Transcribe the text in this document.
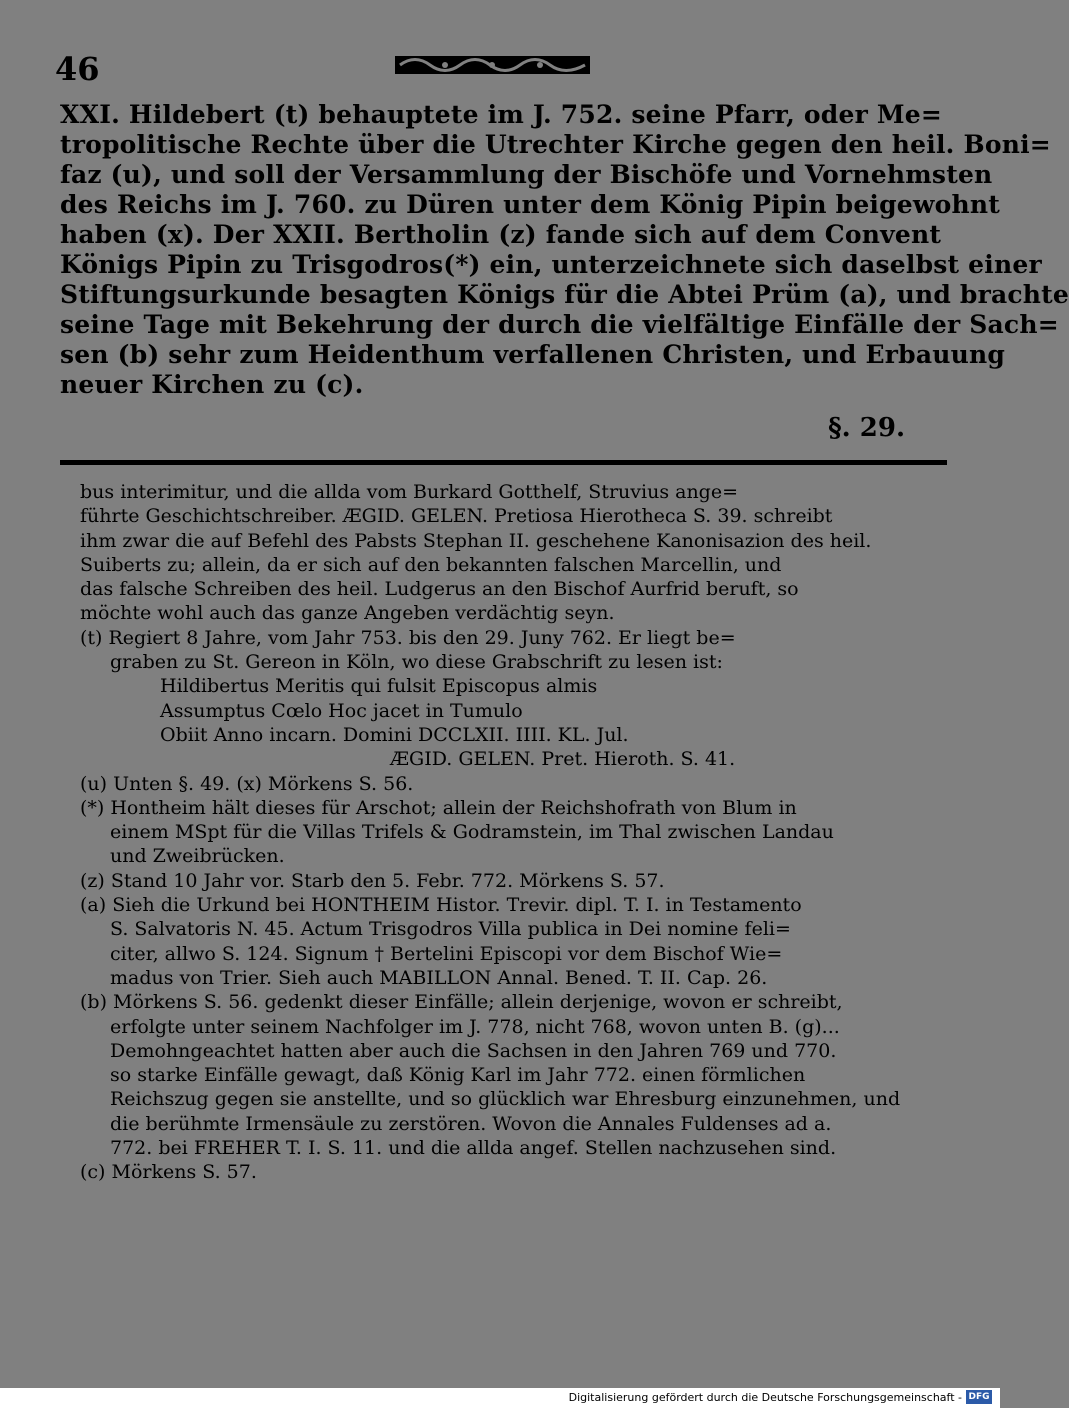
46
XXI. Hildebert (t) behauptete im J. 752. seine Pfarr, oder Me=
tropolitische Rechte über die Utrechter Kirche gegen den heil. Boni=
faz (u), und soll der Versammlung der Bischöfe und Vornehmsten
des Reichs im J. 760. zu Düren unter dem König Pipin beigewohnt
haben (x). Der XXII. Bertholin (z) fande sich auf dem Convent
Königs Pipin zu Trisgodros(*) ein, unterzeichnete sich daselbst einer
Stiftungsurkunde besagten Königs für die Abtei Prüm (a), und brachte
seine Tage mit Bekehrung der durch die vielfältige Einfälle der Sach=
sen (b) sehr zum Heidenthum verfallenen Christen, und Erbauung
neuer Kirchen zu (c).
§. 29.
bus interimitur, und die allda vom Burkard Gotthelf, Struvius ange=
führte Geschichtschreiber. ÆGID. GELEN. Pretiosa Hierotheca S. 39. schreibt
ihm zwar die auf Befehl des Pabsts Stephan II. geschehene Kanonisazion des heil.
Suiberts zu; allein, da er sich auf den bekannten falschen Marcellin, und
das falsche Schreiben des heil. Ludgerus an den Bischof Aurfrid beruft, so
möchte wohl auch das ganze Angeben verdächtig seyn.
(t) Regiert 8 Jahre, vom Jahr 753. bis den 29. Juny 762. Er liegt be=
graben zu St. Gereon in Köln, wo diese Grabschrift zu lesen ist:
Hildibertus Meritis qui fulsit Episcopus almis
Assumptus Cœlo Hoc jacet in Tumulo
Obiit Anno incarn. Domini DCCLXII. IIII. KL. Jul.
ÆGID. GELEN. Pret. Hieroth. S. 41.
(u) Unten §. 49. (x) Mörkens S. 56.
(*) Hontheim hält dieses für Arschot; allein der Reichshofrath von Blum in
einem MSpt für die Villas Trifels & Godramstein, im Thal zwischen Landau
und Zweibrücken.
(z) Stand 10 Jahr vor. Starb den 5. Febr. 772. Mörkens S. 57.
(a) Sieh die Urkund bei HONTHEIM Histor. Trevir. dipl. T. I. in Testamento
S. Salvatoris N. 45. Actum Trisgodros Villa publica in Dei nomine feli=
citer, allwo S. 124. Signum † Bertelini Episcopi vor dem Bischof Wie=
madus von Trier. Sieh auch MABILLON Annal. Bened. T. II. Cap. 26.
(b) Mörkens S. 56. gedenkt dieser Einfälle; allein derjenige, wovon er schreibt,
erfolgte unter seinem Nachfolger im J. 778, nicht 768, wovon unten B. (g)...
Demohngeachtet hatten aber auch die Sachsen in den Jahren 769 und 770.
so starke Einfälle gewagt, daß König Karl im Jahr 772. einen förmlichen
Reichszug gegen sie anstellte, und so glücklich war Ehresburg einzunehmen, und
die berühmte Irmensäule zu zerstören. Wovon die Annales Fuldenses ad a.
772. bei FREHER T. I. S. 11. und die allda angef. Stellen nachzusehen sind.
(c) Mörkens S. 57.
Digitalisierung gefördert durch die Deutsche Forschungsgemeinschaft - DFG
